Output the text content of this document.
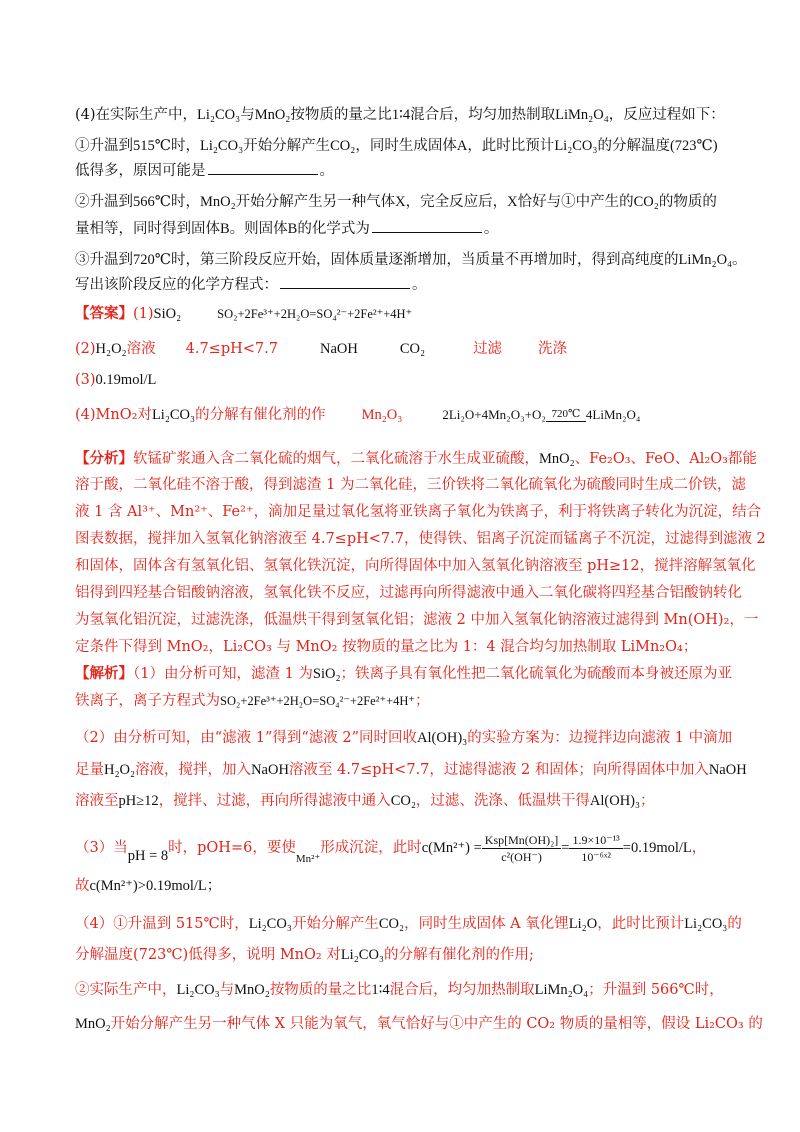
(4)在实际生产中，Li₂CO₃与MnO₂按物质的量之比1∶4混合后，均匀加热制取LiMn₂O₄，反应过程如下：
①升温到515℃时，Li₂CO₃开始分解产生CO₂，同时生成固体A，此时比预计Li₂CO₃的分解温度(723℃)
低得多，原因可能是	。
②升温到566℃时，MnO₂开始分解产生另一种气体X，完全反应后，X恰好与①中产生的CO₂的物质的
量相等，同时得到固体B。则固体B的化学式为	。
③升温到720℃时，第三阶段反应开始，固体质量逐渐增加，当质量不再增加时，得到高纯度的LiMn₂O₄。
写出该阶段反应的化学方程式：	。
【答案】(1)SiO₂	SO₂+2Fe³⁺+2H₂O=SO₄²⁻+2Fe²⁺+4H⁺
(2)H₂O₂溶液 4.7≤pH<7.7	NaOH	CO₂	过滤 洗涤
(3)0.19mol/L
(4)MnO₂对Li₂CO₃的分解有催化剂的作 Mn₂O₃	2Li₂O+4Mn₂O₃+O₂ 720℃ 4LiMn₂O₄
【分析】软锰矿浆通入含二氧化硫的烟气，二氧化硫溶于水生成亚硫酸，MnO₂、Fe₂O₃、FeO、Al₂O₃都能
溶于酸，二氧化硅不溶于酸，得到滤渣 1 为二氧化硅，三价铁将二氧化硫氧化为硫酸同时生成二价铁，滤
液 1 含 Al³⁺、Mn²⁺、Fe²⁺，滴加足量过氧化氢将亚铁离子氧化为铁离子，利于将铁离子转化为沉淀，结合
图表数据，搅拌加入氢氧化钠溶液至 4.7≤pH<7.7，使得铁、铝离子沉淀而锰离子不沉淀，过滤得到滤液 2
和固体，固体含有氢氧化铝、氢氧化铁沉淀，向所得固体中加入氢氧化钠溶液至 pH≥12，搅拌溶解氢氧化
铝得到四羟基合铝酸钠溶液，氢氧化铁不反应，过滤再向所得滤液中通入二氧化碳将四羟基合铝酸钠转化
为氢氧化铝沉淀，过滤洗涤，低温烘干得到氢氧化铝；滤液 2 中加入氢氧化钠溶液过滤得到 Mn(OH)₂，一
定条件下得到 MnO₂，Li₂CO₃ 与 MnO₂ 按物质的量之比为 1：4 混合均匀加热制取 LiMn₂O₄；
【解析】（1）由分析可知，滤渣 1 为SiO₂；铁离子具有氧化性把二氧化硫氧化为硫酸而本身被还原为亚
铁离子，离子方程式为SO₂+2Fe³⁺+2H₂O=SO₄²⁻+2Fe²⁺+4H⁺；
（2）由分析可知，由“滤液 1”得到“滤液 2”同时回收Al(OH)₃的实验方案为：边搅拌边向滤液 1 中滴加
足量H₂O₂溶液，搅拌，加入NaOH溶液至 4.7≤pH<7.7，过滤得滤液 2 和固体；向所得固体中加入NaOH
溶液至pH≥12，搅拌、过滤，再向所得滤液中通入CO₂，过滤、洗涤、低温烘干得Al(OH)₃；
（3）当pH = 8时，pOH=6，要使$_{Mn^{2+}}$形成沉淀，此时$c(Mn^{2+}) = \frac{\text{Ksp[Mn(OH)₂]}}{\text{c²(OH⁻)}} = \frac{\text{1.9×10⁻¹³}}{\text{10⁻⁶ˣ²}} =0.19mol/L$，
故c(Mn²⁺)>0.19mol/L；
（4）①升温到 515℃时，Li₂CO₃开始分解产生CO₂，同时生成固体 A 氧化锂Li₂O，此时比预计Li₂CO₃的
分解温度(723℃)低得多，说明 MnO₂ 对Li₂CO₃的分解有催化剂的作用;
②实际生产中，Li₂CO₃与MnO₂按物质的量之比1∶4混合后，均匀加热制取LiMn₂O₄；升温到 566℃时，
MnO₂开始分解产生另一种气体 X 只能为氧气，氧气恰好与①中产生的 CO₂ 物质的量相等，假设 Li₂CO₃ 的
